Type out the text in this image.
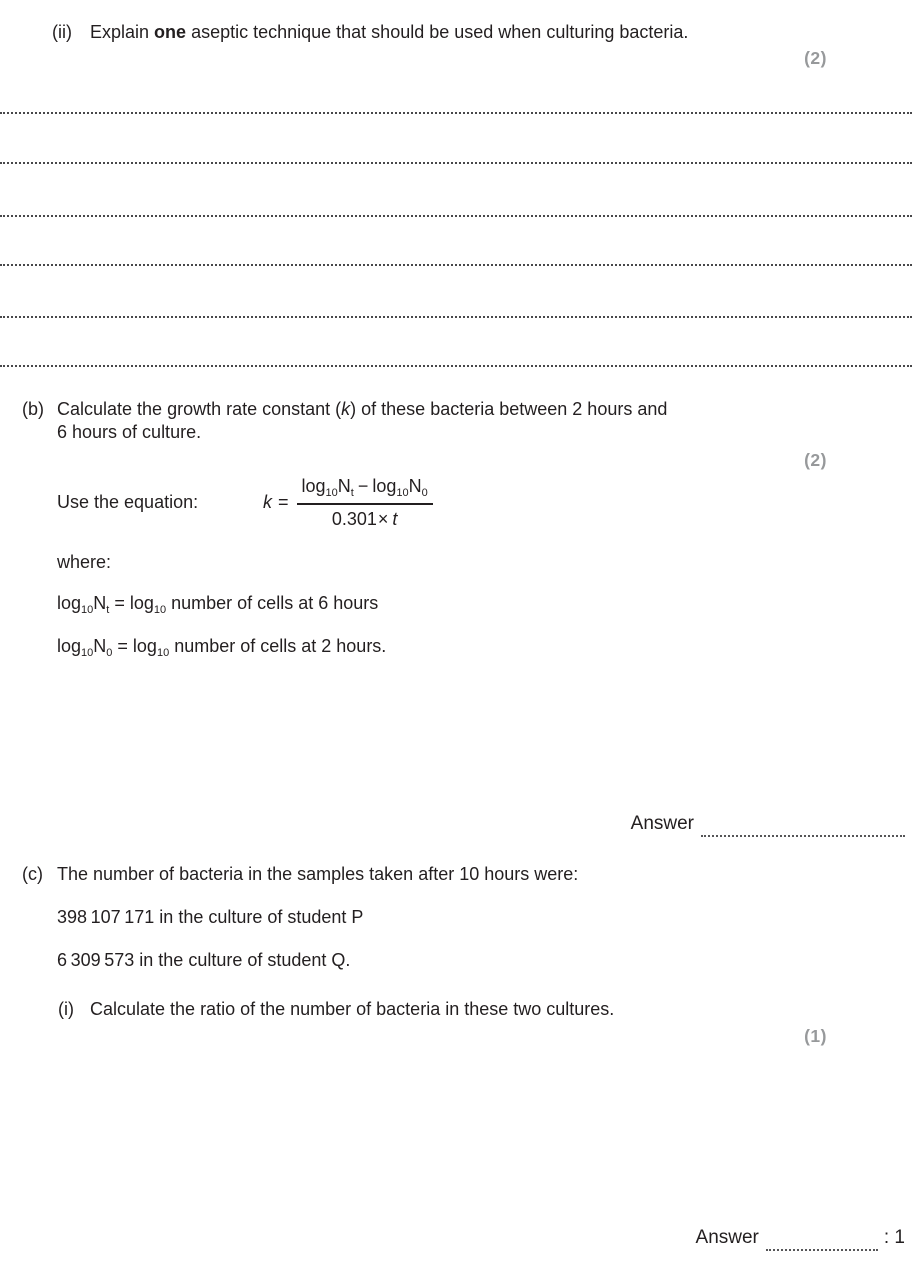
(ii)	Explain one aseptic technique that should be used when culturing bacteria.
(2)
(b) Calculate the growth rate constant (k) of these bacteria between 2 hours and
6 hours of culture.
(2)
Use the equation:	$k = \frac{\log_{10}N_t - \log_{10}N_0}{0.301\times t}$
where:
$\log_{10}N_t = \log_{10}$ number of cells at 6 hours
$\log_{10}N_0 = \log_{10}$ number of cells at 2 hours.
Answer
(c) The number of bacteria in the samples taken after 10 hours were:
398 107 171 in the culture of student P
6 309 573 in the culture of student Q.
(i) Calculate the ratio of the number of bacteria in these two cultures.
(1)
Answer	: 1
